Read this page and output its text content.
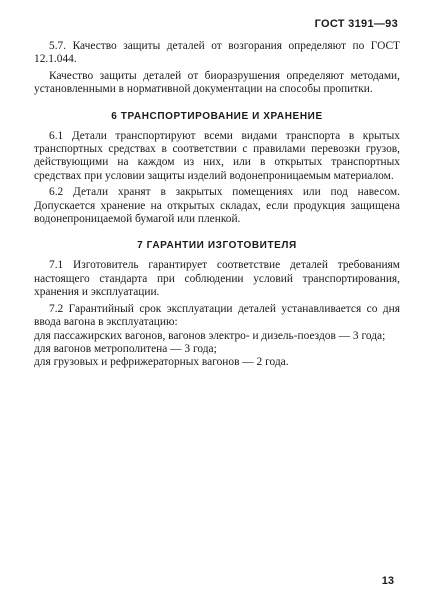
ГОСТ 3191—93

5.7. Качество защиты деталей от возгорания определяют по ГОСТ 12.1.044.

Качество защиты деталей от биоразрушения определяют методами, установленными в нормативной документации на способы пропитки.

6 ТРАНСПОРТИРОВАНИЕ И ХРАНЕНИЕ

6.1 Детали транспортируют всеми видами транспорта в крытых транспортных средствах в соответствии с правилами перевозки грузов, действующими на каждом из них, или в открытых транспортных средствах при условии защиты изделий водонепроницаемым материалом.

6.2 Детали хранят в закрытых помещениях или под навесом. Допускается хранение на открытых складах, если продукция защищена водонепроницаемой бумагой или пленкой.

7 ГАРАНТИИ ИЗГОТОВИТЕЛЯ

7.1 Изготовитель гарантирует соответствие деталей требованиям настоящего стандарта при соблюдении условий транспортирования, хранения и эксплуатации.

7.2 Гарантийный срок эксплуатации деталей устанавливается со дня ввода вагона в эксплуатацию:

для пассажирских вагонов, вагонов электро- и дизель-поездов — 3 года;

для вагонов метрополитена — 3 года;

для грузовых и рефрижераторных вагонов — 2 года.

13
